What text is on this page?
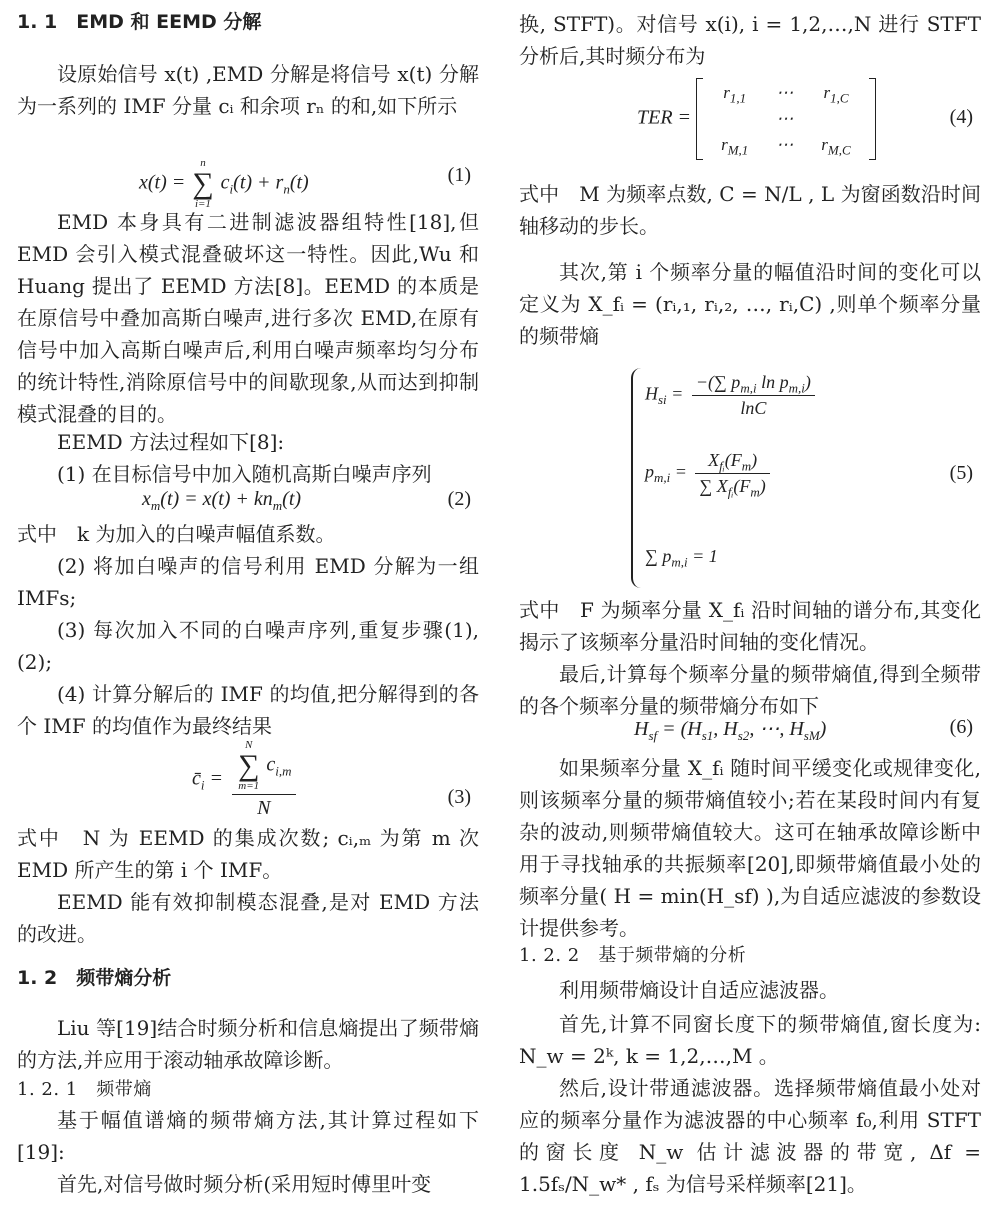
1. 1　EMD 和 EEMD 分解

设原始信号 x(t) ,EMD 分解是将信号 x(t) 分解为一系列的 IMF 分量 cᵢ 和余项 rₙ 的和,如下所示

x(t) =
n
∑
i=1
$c_i(t) + r_n(t)$	(1)

EMD 本身具有二进制滤波器组特性[18],但 EMD 会引入模式混叠破坏这一特性。因此,Wu 和 Huang 提出了 EEMD 方法[8]。EEMD 的本质是在原信号中叠加高斯白噪声,进行多次 EMD,在原有信号中加入高斯白噪声后,利用白噪声频率均匀分布的统计特性,消除原信号中的间歇现象,从而达到抑制模式混叠的目的。

EEMD 方法过程如下[8]:

(1) 在目标信号中加入随机高斯白噪声序列

$x_m(t) = x(t) + kn_m(t)$	(2)

式中　k 为加入的白噪声幅值系数。

(2) 将加白噪声的信号利用 EMD 分解为一组 IMFs;

(3) 每次加入不同的白噪声序列,重复步骤(1),(2);

(4) 计算分解后的 IMF 的均值,把分解得到的各个 IMF 的均值作为最终结果

$c̄_i = N$
∑
m=1
$c_{i,m}$
N	(3)

式中　N 为 EEMD 的集成次数; cᵢ,ₘ 为第 m 次 EMD 所产生的第 i 个 IMF。

EEMD 能有效抑制模态混叠,是对 EMD 方法的改进。

1. 2　频带熵分析

Liu 等[19]结合时频分析和信息熵提出了频带熵的方法,并应用于滚动轴承故障诊断。

1. 2. 1　频带熵

基于幅值谱熵的频带熵方法,其计算过程如下[19]:

首先,对信号做时频分析(采用短时傅里叶变

换, STFT)。对信号 x(i), i = 1,2,…,N 进行 STFT 分析后,其时频分布为

TER =
$r_{1,1}$	⋯	$r_{1,C}$
	⋯	
$r_{M,1}$	⋯	$r_{M,C}$
(4)

式中　M 为频率点数, C = N/L , L 为窗函数沿时间轴移动的步长。

其次,第 i 个频率分量的幅值沿时间的变化可以定义为 X_fᵢ = (rᵢ,₁, rᵢ,₂, …, rᵢ,C) ,则单个频率分量的频带熵

$H_{si} = \frac{-(\sum p_{m,i} \ln p_{m,i})}{\ln C}$
$p_{m,i} = \frac{X_{fᵢ}(F_m)}{\sum X_{fᵢ}(F_m)}$
∑ $p_{m,i} = 1$
(5)

式中　F 为频率分量 X_fᵢ 沿时间轴的谱分布,其变化揭示了该频率分量沿时间轴的变化情况。

最后,计算每个频率分量的频带熵值,得到全频带的各个频率分量的频带熵分布如下

$H_{sf} = (H_{s1}$, $H_{s2}$, ⋯, $H_{sM}$)	(6)

如果频率分量 X_fᵢ 随时间平缓变化或规律变化,则该频率分量的频带熵值较小;若在某段时间内有复杂的波动,则频带熵值较大。这可在轴承故障诊断中用于寻找轴承的共振频率[20],即频带熵值最小处的频率分量( H = min(H_sf) ),为自适应滤波的参数设计提供参考。

1. 2. 2　基于频带熵的分析

利用频带熵设计自适应滤波器。

首先,计算不同窗长度下的频带熵值,窗长度为: N_w = 2ᵏ, k = 1,2,…,M 。

然后,设计带通滤波器。选择频带熵值最小处对应的频率分量作为滤波器的中心频率 f₀,利用 STFT 的窗长度 N_w 估计滤波器的带宽, Δf = 1.5fₛ/N_w* , fₛ 为信号采样频率[21]。
